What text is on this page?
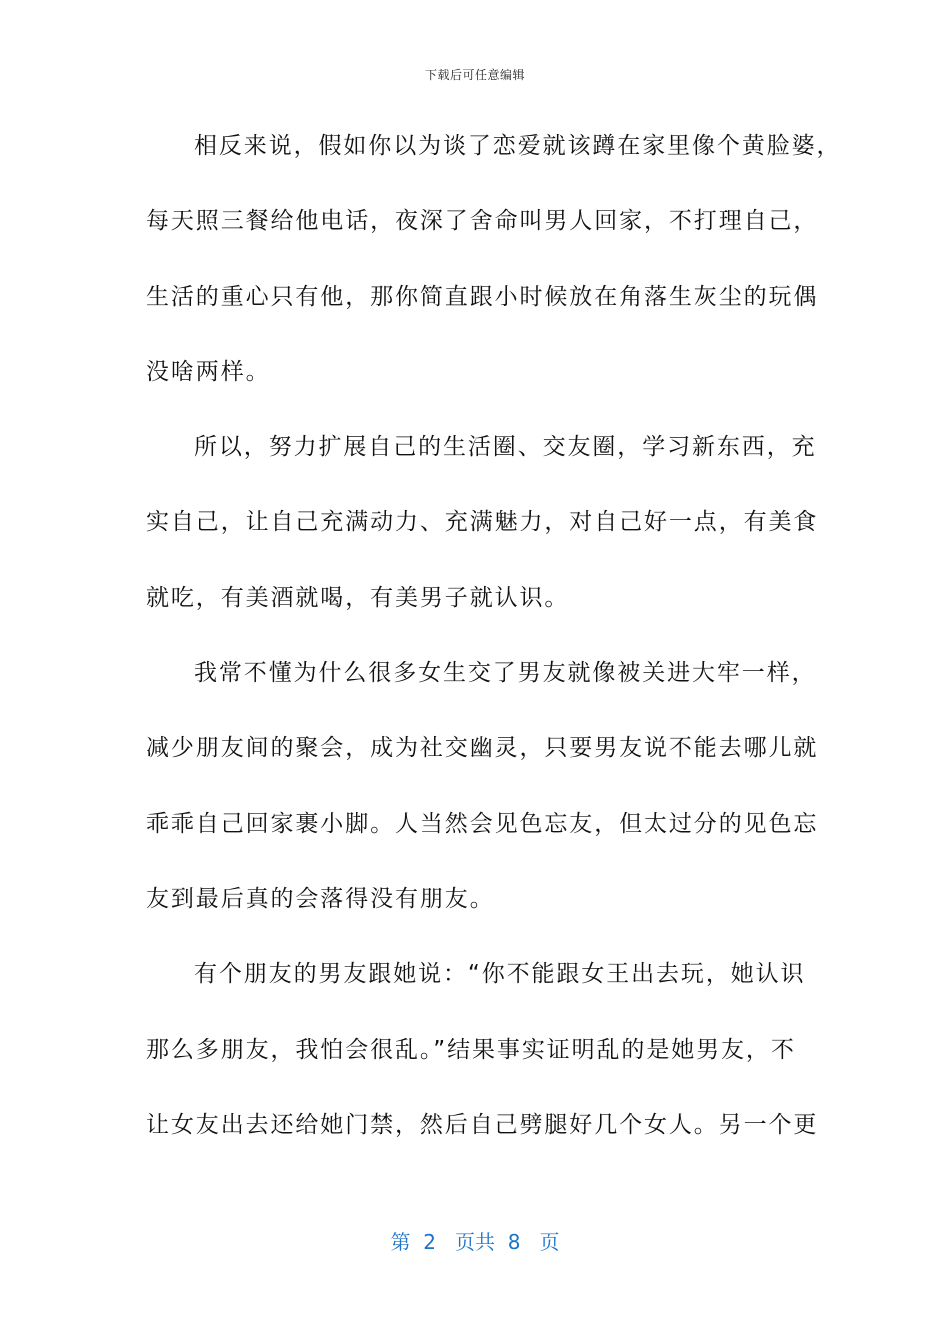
下载后可任意编辑
相反来说，假如你以为谈了恋爱就该蹲在家里像个黄脸婆，
每天照三餐给他电话，夜深了舍命叫男人回家，不打理自己，
生活的重心只有他，那你简直跟小时候放在角落生灰尘的玩偶
没啥两样。
所以，努力扩展自己的生活圈、交友圈，学习新东西，充
实自己，让自己充满动力、充满魅力，对自己好一点，有美食
就吃，有美酒就喝，有美男子就认识。
我常不懂为什么很多女生交了男友就像被关进大牢一样，
减少朋友间的聚会，成为社交幽灵，只要男友说不能去哪儿就
乖乖自己回家裹小脚。人当然会见色忘友，但太过分的见色忘
友到最后真的会落得没有朋友。
有个朋友的男友跟她说：“你不能跟女王出去玩，她认识
那么多朋友，我怕会很乱。”结果事实证明乱的是她男友，不
让女友出去还给她门禁，然后自己劈腿好几个女人。另一个更
第  2   页共  8   页
